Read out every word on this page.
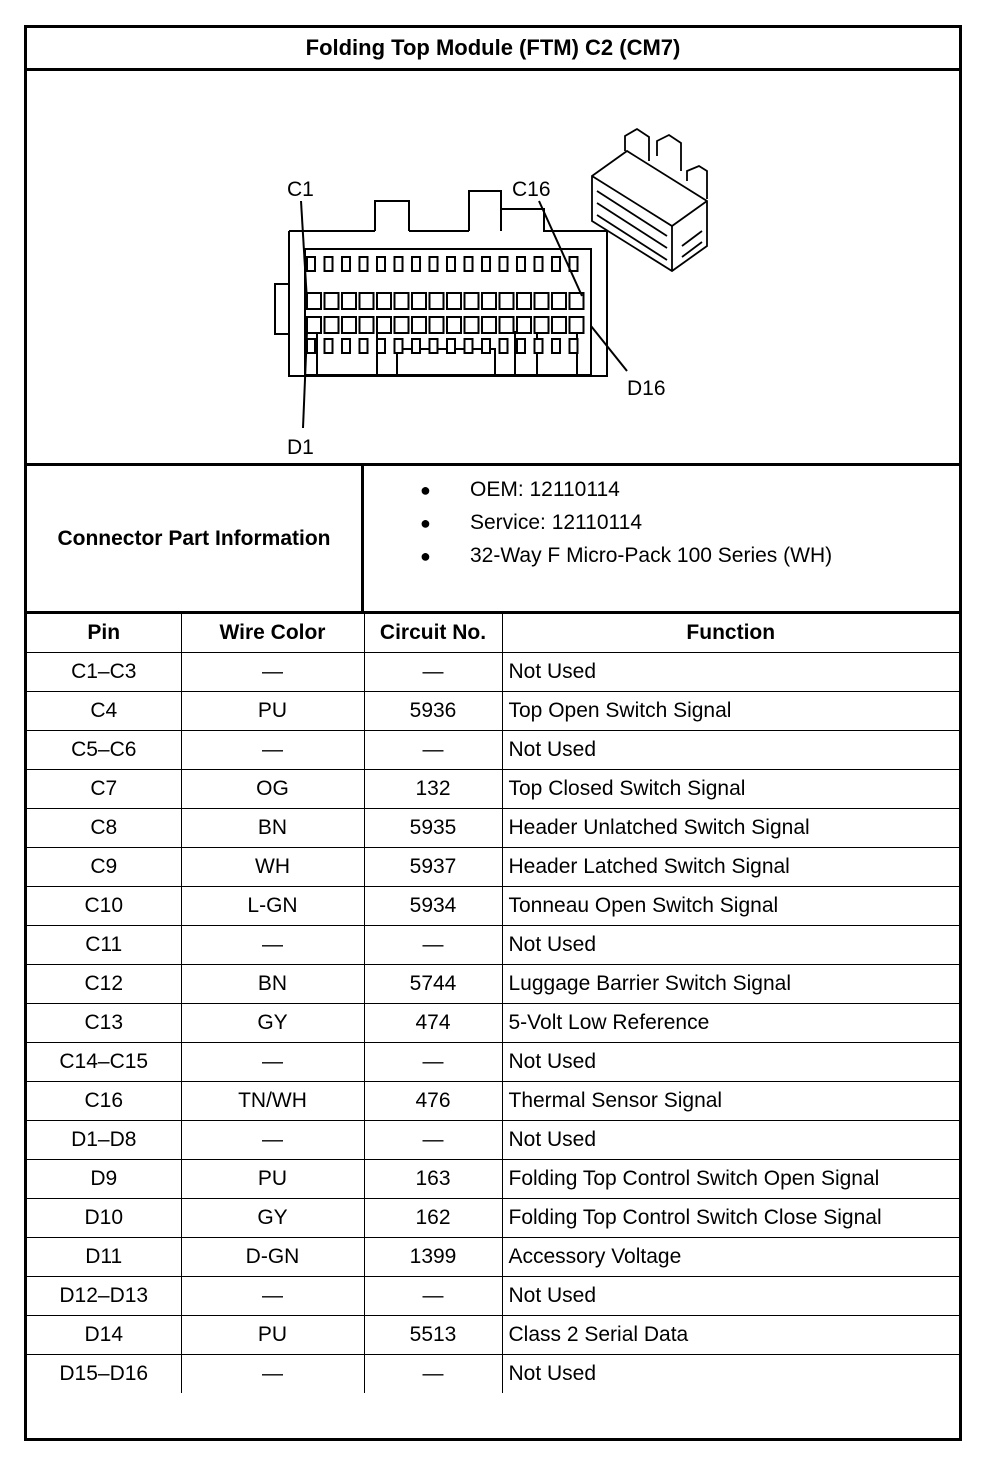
Folding Top Module (FTM) C2 (CM7)
C1	C16
D1
D16
Connector Part Information
● OEM: 12110114
● Service: 12110114
● 32-Way F Micro-Pack 100 Series (WH)
Pin	Wire Color	Circuit No.	Function
C1–C3	—	—	Not Used
C4	PU	5936	Top Open Switch Signal
C5–C6	—	—	Not Used
C7	OG	132	Top Closed Switch Signal
C8	BN	5935	Header Unlatched Switch Signal
C9	WH	5937	Header Latched Switch Signal
C10	L-GN	5934	Tonneau Open Switch Signal
C11	—	—	Not Used
C12	BN	5744	Luggage Barrier Switch Signal
C13	GY	474	5-Volt Low Reference
C14–C15	—	—	Not Used
C16	TN/WH	476	Thermal Sensor Signal
D1–D8	—	—	Not Used
D9	PU	163	Folding Top Control Switch Open Signal
D10	GY	162	Folding Top Control Switch Close Signal
D11	D-GN	1399	Accessory Voltage
D12–D13	—	—	Not Used
D14	PU	5513	Class 2 Serial Data
D15–D16	—	—	Not Used
